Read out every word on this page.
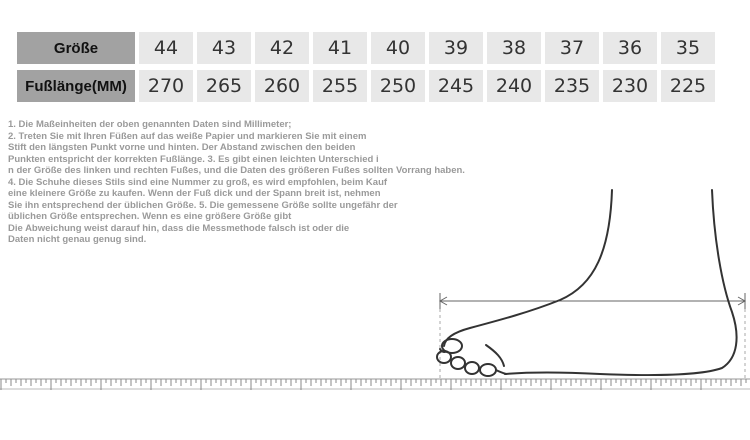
Größe	44	43	42	41	40	39	38	37	36	35
Fußlänge(MM)	270	265	260	255	250	245	240	235	230	225
1. Die Maßeinheiten der oben genannten Daten sind Millimeter;
2. Treten Sie mit Ihren Füßen auf das weiße Papier und markieren Sie mit einem
Stift den längsten Punkt vorne und hinten. Der Abstand zwischen den beiden
Punkten entspricht der korrekten Fußlänge. 3. Es gibt einen leichten Unterschied i
n der Größe des linken und rechten Fußes, und die Daten des größeren Fußes sollten Vorrang haben.
4. Die Schuhe dieses Stils sind eine Nummer zu groß, es wird empfohlen, beim Kauf
eine kleinere Größe zu kaufen. Wenn der Fuß dick und der Spann breit ist, nehmen
Sie ihn entsprechend der üblichen Größe. 5. Die gemessene Größe sollte ungefähr der
üblichen Größe entsprechen. Wenn es eine größere Größe gibt
Die Abweichung weist darauf hin, dass die Messmethode falsch ist oder die
Daten nicht genau genug sind.
